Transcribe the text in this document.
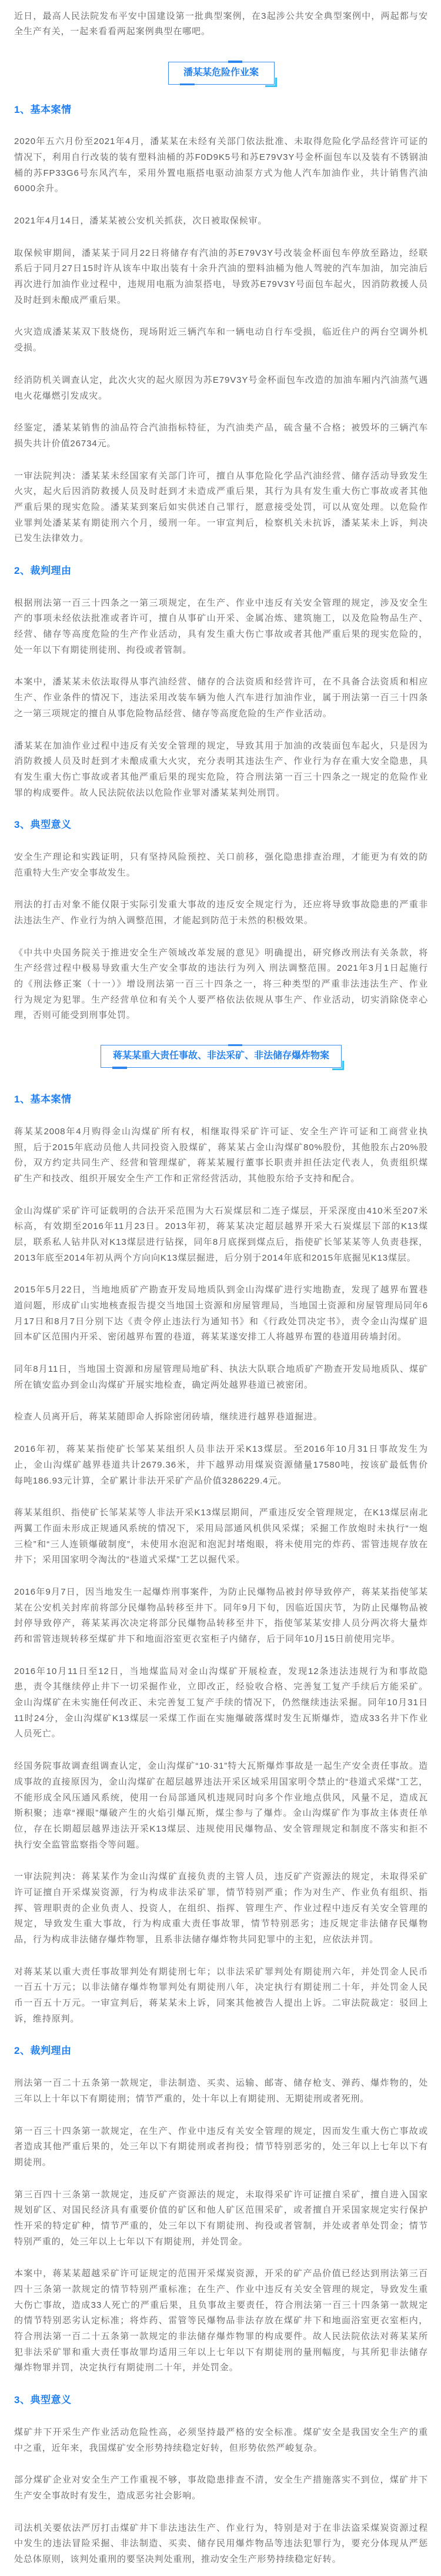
近日，最高人民法院发布平安中国建设第一批典型案例，在3起涉公共安全典型案例中，两起都与安
全生产有关，一起来看看两起案例典型在哪吧。
潘某某危险作业案
1、基本案情
2020年五六月份至2021年4月，潘某某在未经有关部门依法批准、未取得危险化学品经营许可证的
情况下，利用自行改装的装有塑料油桶的苏F0D9K5号和苏E79V3Y号金杯面包车以及装有不锈钢油
桶的苏FP33G6号东风汽车，采用外置电瓶搭电驱动油泵方式为他人汽车加油作业，共计销售汽油
6000余升。
2021年4月14日，潘某某被公安机关抓获，次日被取保候审。
取保候审期间，潘某某于同月22日将储存有汽油的苏E79V3Y号改装金杯面包车停放至路边，经联
系后于同月27日15时许从该车中取出装有十余升汽油的塑料油桶为他人驾驶的汽车加油，加完油后
再次进行加油作业过程中，违规用电瓶为油泵搭电，导致苏E79V3Y号面包车起火，因消防救援人员
及时赶到未酿成严重后果。
火灾造成潘某某双下肢烧伤，现场附近三辆汽车和一辆电动自行车受损，临近住户的两台空调外机
受损。
经消防机关调查认定，此次火灾的起火原因为苏E79V3Y号金杯面包车改造的加油车厢内汽油蒸气遇
电火花爆燃引发成灾。
经鉴定，潘某某销售的油品符合汽油指标特征，为汽油类产品，硫含量不合格；被毁坏的三辆汽车
损失共计价值26734元。
一审法院判决：潘某某未经国家有关部门许可，擅自从事危险化学品汽油经营、储存活动导致发生
火灾，起火后因消防救援人员及时赶到才未造成严重后果，其行为具有发生重大伤亡事故或者其他
严重后果的现实危险。潘某某到案后如实供述自己罪行，愿意接受处罚，可以从宽处理。以危险作
业罪判处潘某某有期徒刑六个月，缓刑一年。一审宣判后，检察机关未抗诉，潘某某未上诉，判决
已发生法律效力。
2、裁判理由
根据刑法第一百三十四条之一第三项规定，在生产、作业中违反有关安全管理的规定，涉及安全生
产的事项未经依法批准或者许可，擅自从事矿山开采、金属冶炼、建筑施工，以及危险物品生产、
经营、储存等高度危险的生产作业活动，具有发生重大伤亡事故或者其他严重后果的现实危险的，
处一年以下有期徒刑徒刑、拘役或者管制。
本案中，潘某某未依法取得从事汽油经营、储存的合法资质和经营许可，在不具备合法资质和相应
生产、作业条件的情况下，违法采用改装车辆为他人汽车进行加油作业，属于刑法第一百三十四条
之一第三项规定的擅自从事危险物品经营、储存等高度危险的生产作业活动。
潘某某在加油作业过程中违反有关安全管理的规定，导致其用于加油的改装面包车起火，只是因为
消防救援人员及时赶到才未酿成重大火灾，充分表明其违法生产、作业行为存在重大安全隐患，具
有发生重大伤亡事故或者其他严重后果的现实危险，符合刑法第一百三十四条之一规定的危险作业
罪的构成要件。故人民法院依法以危险作业罪对潘某某判处刑罚。
3、典型意义
安全生产理论和实践证明，只有坚持风险预控、关口前移，强化隐患排查治理，才能更为有效的防
范重特大生产安全事故发生。
刑法的打击对象不能仅限于实际引发重大事故的违反安全规定行为，还应将导致事故隐患的严重非
法违法生产、作业行为纳入调整范围，才能起到防范于未然的积极效果。
《中共中央国务院关于推进安全生产领域改革发展的意见》明确提出，研究修改刑法有关条款，将
生产经营过程中极易导致重大生产安全事故的违法行为列入 刑法调整范围。2021年3月1日起施行
的《刑法修正案（十一）》增设刑法第一百三十四条之一，将三种类型的严重非法违法生产、作业
行为规定为犯罪。生产经营单位和有关个人要严格依法依规从事生产、作业活动，切实消除侥幸心
理，否则可能受到刑事处罚。
蒋某某重大责任事故、非法采矿、非法储存爆炸物案
1、基本案情
蒋某某2008年4月购得金山沟煤矿所有权，相继取得采矿许可证、安全生产许可证和工商营业执
照，后于2015年底动员他人共同投资入股煤矿，蒋某某占金山沟煤矿80%股份，其他股东占20%股
份，双方约定共同生产、经营和管理煤矿，蒋某某履行董事长职责并担任法定代表人，负责组织煤
矿生产和技改、组织开展安全生产工作和正常经营活动，其他股东给予支持和配合。
金山沟煤矿采矿许可证载明的合法开采范围为大石炭煤层和二连子煤层，开采深度由410米至207米
标高，有效期至2016年11月23日。2013年初，蒋某某决定超层越界开采大石炭煤层下部的K13煤
层，联系私人钻井队对K13煤层进行钻探，同年8月底探到煤点后，指使矿长邹某某等人负责巷探，
2013年底至2014年初从两个方向向K13煤层掘进，后分别于2014年底和2015年底掘见K13煤层。
2015年5月22日，当地地质矿产勘查开发局地质队到金山沟煤矿进行实地勘查，发现了越界布置巷
道问题，形成矿山实地核查报告提交当地国土资源和房屋管理局，当地国土资源和房屋管理局同年6
月17日和8月7日分别下达《责令停止违法行为通知书》和《行政处罚决定书》，责令金山沟煤矿退
回本矿区范围内开采、密闭越界布置的巷道，蒋某某遂安排工人将越界布置的巷道用砖墙封闭。
同年8月11日，当地国土资源和房屋管理局地矿科、执法大队联合地质矿产勘查开发局地质队、煤矿
所在镇安监办到金山沟煤矿开展实地检查，确定两处越界巷道已被密闭。
检查人员离开后，蒋某某随即命人拆除密闭砖墙，继续进行越界巷道掘进。
2016年初，蒋某某指使矿长邹某某组织人员非法开采K13煤层。至2016年10月31日事故发生为
止，金山沟煤矿越界巷道共计2679.36米，井下越界动用煤炭资源储量17580吨，按该矿最低售价
每吨186.93元计算，全矿累计非法开采矿产品价值3286229.4元。
蒋某某组织、指使矿长邹某某等人非法开采K13煤层期间，严重违反安全管理规定，在K13煤层南北
两翼工作面未形成正规通风系统的情况下，采用局部通风机供风采煤；采掘工作放炮时未执行“一炮
三检”和“三人连锁爆破制度”，未使用水泡泥和泡泥封堵炮眼，将未使用完的炸药、雷管违规存放在
井下；采用国家明令淘汰的“巷道式采煤”工艺以掘代采。
2016年9月7日，因当地发生一起爆炸刑事案件，为防止民爆物品被封停导致停产，蒋某某指使邹某
某在公安机关封库前将部分民爆物品转移至井下。同年9月下旬，因临近国庆节，为防止民爆物品被
封停导致停产，蒋某某再次决定将部分民爆物品转移至井下，指使邹某某安排人员分两次将大量炸
药和雷管违规转移至煤矿井下和地面浴室更衣室柜子内储存，后于同年10月15日前使用完毕。
2016年10月11日至12日，当地煤监局对金山沟煤矿开展检查，发现12条违法违规行为和事故隐
患，责令其继续停止井下一切采掘作业，立即改正，经验收合格、完善复工复产手续后方能采矿。
金山沟煤矿在未实施任何改正、未完善复工复产手续的情况下，仍然继续违法采掘。同年10月31日
11时24分，金山沟煤矿K13煤层一采煤工作面在实施爆破落煤时发生瓦斯爆炸，造成33名井下作业
人员死亡。
经国务院事故调查组调查认定，金山沟煤矿“10·31”特大瓦斯爆炸事故是一起生产安全责任事故。造
成事故的直接原因为，金山沟煤矿在超层越界违法开采区域采用国家明令禁止的“巷道式采煤”工艺，
不能形成全风压通风系统，使用一台局部通风机违规同时向多个作业地点供风，风量不足，造成瓦
斯积聚；违章“裸眼”爆破产生的火焰引爆瓦斯，煤尘参与了爆炸。金山沟煤矿作为事故主体责任单
位，存在长期超层越界违法开采K13煤层、违规使用民爆物品、安全管理规定和制度不落实和拒不
执行安全监管监察指令等问题。
一审法院判决：蒋某某作为金山沟煤矿直接负责的主管人员，违反矿产资源法的规定，未取得采矿
许可证擅自开采煤炭资源，行为构成非法采矿罪，情节特别严重；作为对生产、作业负有组织、指
挥、管理职责的企业负责人、投资人，在组织、指挥、管理生产、作业过程中违反有关安全管理的
规定，导致发生重大事故，行为构成重大责任事故罪，情节特别恶劣；违反规定非法储存民爆物
品，行为构成非法储存爆炸物罪，且系非法储存爆炸物共同犯罪中的主犯，应依法并罚。
对蒋某某以重大责任事故罪判处有期徒刑七年；以非法采矿罪判处有期徒刑六年，并处罚金人民币
一百五十万元；以非法储存爆炸物罪判处有期徒刑八年，决定执行有期徒刑二十年，并处罚金人民
币一百五十万元。一审宣判后，蒋某某未上诉，同案其他被告人提出上诉。二审法院裁定：驳回上
诉，维持原判。
2、裁判理由
刑法第一百二十五条第一款规定，非法制造、买卖、运输、邮寄、储存枪支、弹药、爆炸物的，处
三年以上十年以下有期徒刑；情节严重的，处十年以上有期徒刑、无期徒刑或者死刑。
第一百三十四条第一款规定，在生产、作业中违反有关安全管理的规定，因而发生重大伤亡事故或
者造成其他严重后果的，处三年以下有期徒刑或者拘役；情节特别恶劣的，处三年以上七年以下有
期徒刑。
第三百四十三条第一款规定，违反矿产资源法的规定，未取得采矿许可证擅自采矿，擅自进入国家
规划矿区、对国民经济具有重要价值的矿区和他人矿区范围采矿，或者擅自开采国家规定实行保护
性开采的特定矿种，情节严重的，处三年以下有期徒刑、拘役或者管制，并处或者单处罚金；情节
特别严重的，处三年以上七年以下有期徒刑，并处罚金。
本案中，蒋某某超越采矿许可证规定的范围开采煤炭资源，开采的矿产品价值已经达到刑法第三百
四十三条第一款规定的情节特别严重标准；在生产、作业中违反有关安全管理的规定，导致发生重
大伤亡事故，造成33人死亡的严重后果，且负事故主要责任，符合刑法第一百三十四条第一款规定
的情节特别恶劣认定标准；将炸药、雷管等民爆物品非法存放在煤矿井下和地面浴室更衣室柜内，
符合刑法第一百二十五条第一款规定的非法储存爆炸物罪的构成要件。故人民法院依法对蒋某某所
犯非法采矿罪和重大责任事故罪均适用三年以上七年以下有期徒刑的量刑幅度，与其所犯非法储存
爆炸物罪并罚，决定执行有期徒刑二十年，并处罚金。
3、典型意义
煤矿井下开采生产作业活动危险性高，必须坚持最严格的安全标准。煤矿安全是我国安全生产的重
中之重，近年来，我国煤矿安全形势持续稳定好转，但形势依然严峻复杂。
部分煤矿企业对安全生产工作重视不够，事故隐患排查不清，安全生产措施落实不到位，煤矿井下
生产安全事故时有发生，造成恶劣社会影响。
司法机关要依法严厉打击煤矿井下非法违法生产、作业行为，特别是对于在非法盗采煤炭资源过程
中发生的违法冒险采掘、非法制造、买卖、储存民用爆炸物品等违法犯罪行为，要充分体现从严惩
处总体原则，该判处重刑的要坚决判处重刑，推动安全生产形势持续稳定好转。
